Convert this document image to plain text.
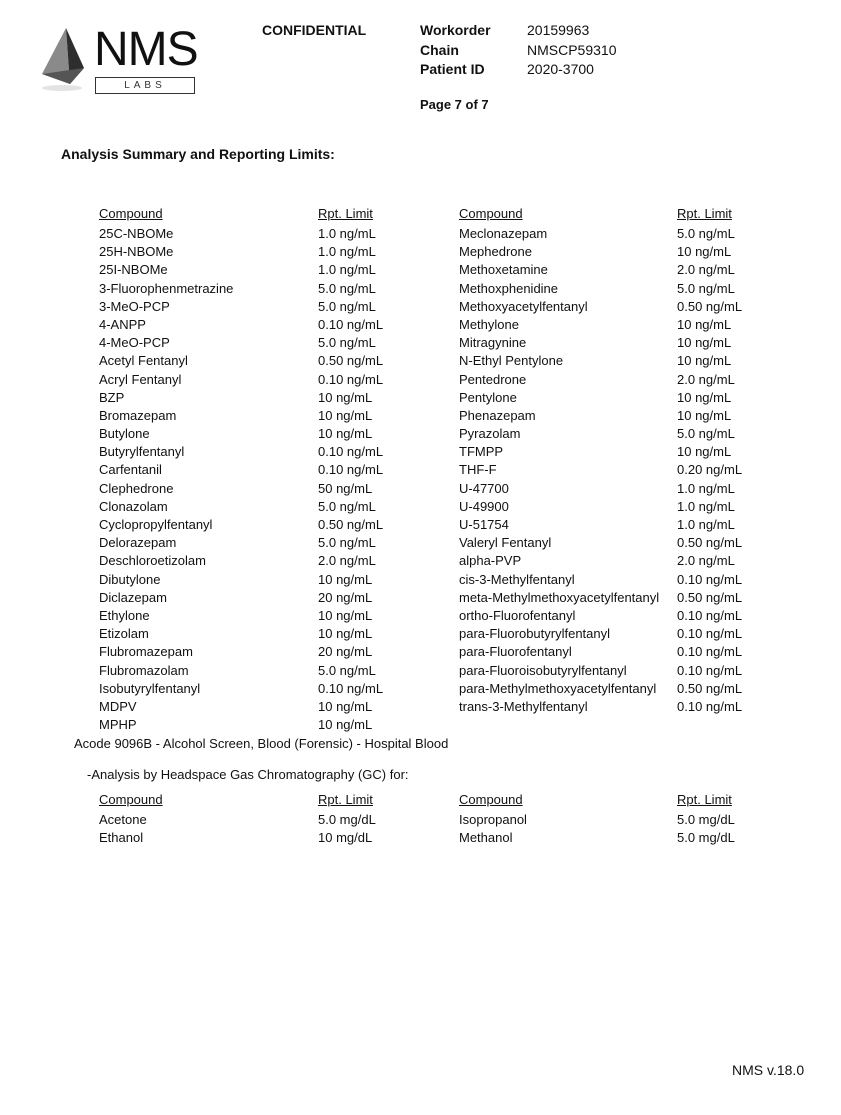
NMS
LABS
CONFIDENTIAL	Workorder	20159963
Chain	NMSCP59310
Patient ID	2020-3700
Page 7 of 7
Analysis Summary and Reporting Limits:
Compound	Rpt. Limit	Compound	Rpt. Limit
25C-NBOMe	1.0 ng/mL	Meclonazepam	5.0 ng/mL
25H-NBOMe	1.0 ng/mL	Mephedrone	10 ng/mL
25I-NBOMe	1.0 ng/mL	Methoxetamine	2.0 ng/mL
3-Fluorophenmetrazine	5.0 ng/mL	Methoxphenidine	5.0 ng/mL
3-MeO-PCP	5.0 ng/mL	Methoxyacetylfentanyl	0.50 ng/mL
4-ANPP	0.10 ng/mL	Methylone	10 ng/mL
4-MeO-PCP	5.0 ng/mL	Mitragynine	10 ng/mL
Acetyl Fentanyl	0.50 ng/mL	N-Ethyl Pentylone	10 ng/mL
Acryl Fentanyl	0.10 ng/mL	Pentedrone	2.0 ng/mL
BZP	10 ng/mL	Pentylone	10 ng/mL
Bromazepam	10 ng/mL	Phenazepam	10 ng/mL
Butylone	10 ng/mL	Pyrazolam	5.0 ng/mL
Butyrylfentanyl	0.10 ng/mL	TFMPP	10 ng/mL
Carfentanil	0.10 ng/mL	THF-F	0.20 ng/mL
Clephedrone	50 ng/mL	U-47700	1.0 ng/mL
Clonazolam	5.0 ng/mL	U-49900	1.0 ng/mL
Cyclopropylfentanyl	0.50 ng/mL	U-51754	1.0 ng/mL
Delorazepam	5.0 ng/mL	Valeryl Fentanyl	0.50 ng/mL
Deschloroetizolam	2.0 ng/mL	alpha-PVP	2.0 ng/mL
Dibutylone	10 ng/mL	cis-3-Methylfentanyl	0.10 ng/mL
Diclazepam	20 ng/mL	meta-Methylmethoxyacetylfentanyl 0.50 ng/mL
Ethylone	10 ng/mL	ortho-Fluorofentanyl	0.10 ng/mL
Etizolam	10 ng/mL	para-Fluorobutyrylfentanyl	0.10 ng/mL
Flubromazepam	20 ng/mL	para-Fluorofentanyl	0.10 ng/mL
Flubromazolam	5.0 ng/mL	para-Fluoroisobutyrylfentanyl	0.10 ng/mL
Isobutyrylfentanyl	0.10 ng/mL	para-Methylmethoxyacetylfentanyl 0.50 ng/mL
MDPV	10 ng/mL	trans-3-Methylfentanyl	0.10 ng/mL
MPHP	10 ng/mL
Acode 9096B - Alcohol Screen, Blood (Forensic) - Hospital Blood
-Analysis by Headspace Gas Chromatography (GC) for:
Compound	Rpt. Limit	Compound	Rpt. Limit
Acetone	5.0 mg/dL	Isopropanol	5.0 mg/dL
Ethanol	10 mg/dL	Methanol	5.0 mg/dL
NMS v.18.0
